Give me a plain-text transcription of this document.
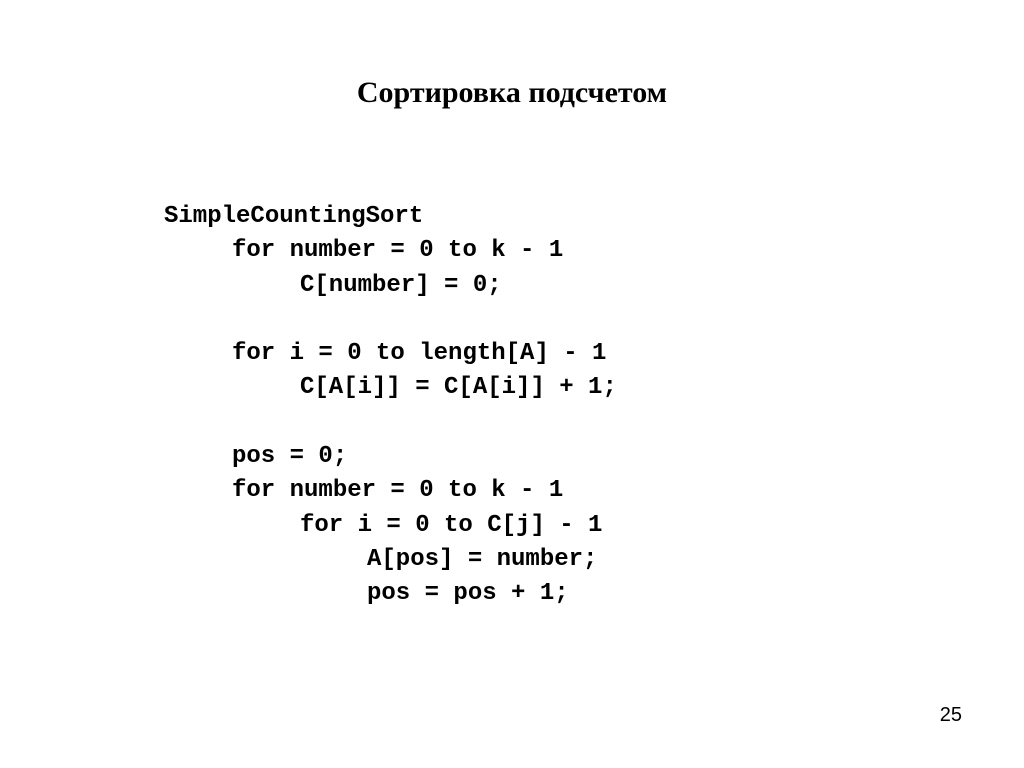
Сортировка подсчетом
SimpleCountingSort
for number = 0 to k - 1
C[number] = 0;
for i = 0 to length[A] - 1
C[A[i]] = C[A[i]] + 1;
pos = 0;
for number = 0 to k - 1
for i = 0 to C[j] - 1
A[pos] = number;
pos = pos + 1;
25
